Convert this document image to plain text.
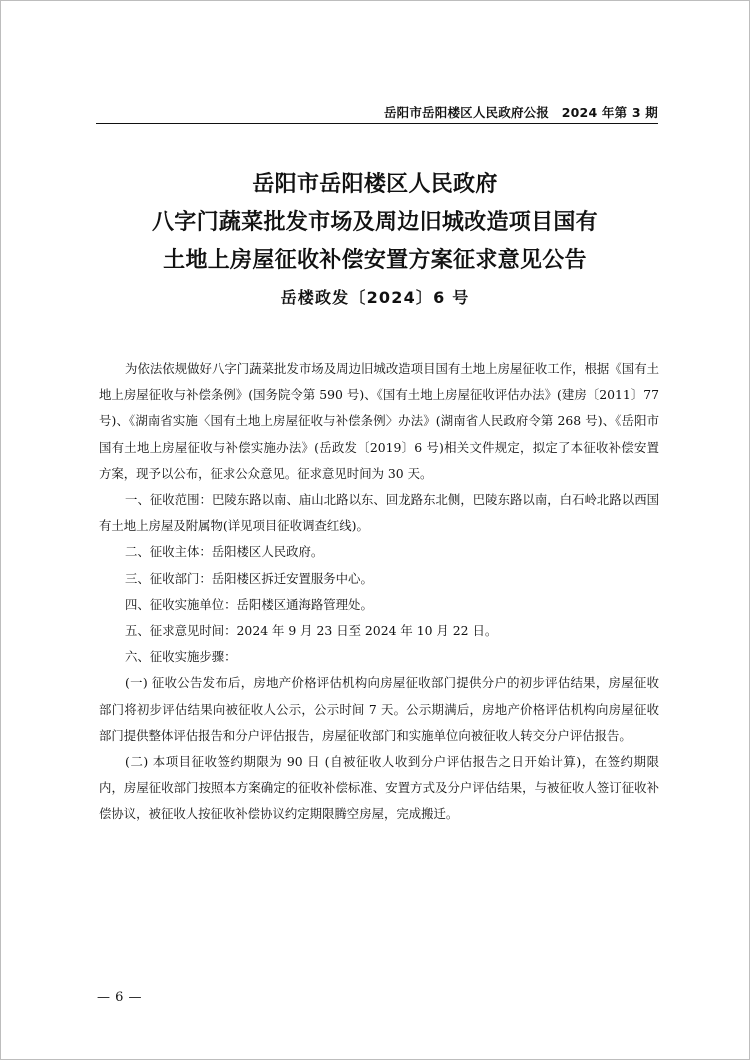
岳阳市岳阳楼区人民政府公报　2024 年第 3 期
岳阳市岳阳楼区人民政府
八字门蔬菜批发市场及周边旧城改造项目国有
土地上房屋征收补偿安置方案征求意见公告
岳楼政发〔2024〕6 号

为依法依规做好八字门蔬菜批发市场及周边旧城改造项目国有土地上房屋征收工作，根据《国有土地上房屋征收与补偿条例》(国务院令第 590 号)、《国有土地上房屋征收评估办法》(建房〔2011〕77 号)、《湖南省实施〈国有土地上房屋征收与补偿条例〉办法》(湖南省人民政府令第 268 号)、《岳阳市国有土地上房屋征收与补偿实施办法》(岳政发〔2019〕6 号)相关文件规定，拟定了本征收补偿安置方案，现予以公布，征求公众意见。征求意见时间为 30 天。

一、征收范围：巴陵东路以南、庙山北路以东、回龙路东北侧，巴陵东路以南，白石岭北路以西国有土地上房屋及附属物(详见项目征收调查红线)。

二、征收主体：岳阳楼区人民政府。

三、征收部门：岳阳楼区拆迁安置服务中心。

四、征收实施单位：岳阳楼区通海路管理处。

五、征求意见时间：2024 年 9 月 23 日至 2024 年 10 月 22 日。

六、征收实施步骤：

(一) 征收公告发布后，房地产价格评估机构向房屋征收部门提供分户的初步评估结果，房屋征收部门将初步评估结果向被征收人公示，公示时间 7 天。公示期满后，房地产价格评估机构向房屋征收部门提供整体评估报告和分户评估报告，房屋征收部门和实施单位向被征收人转交分户评估报告。

(二) 本项目征收签约期限为 90 日 (自被征收人收到分户评估报告之日开始计算)，在签约期限内，房屋征收部门按照本方案确定的征收补偿标准、安置方式及分户评估结果，与被征收人签订征收补偿协议，被征收人按征收补偿协议约定期限腾空房屋，完成搬迁。

— 6 —
